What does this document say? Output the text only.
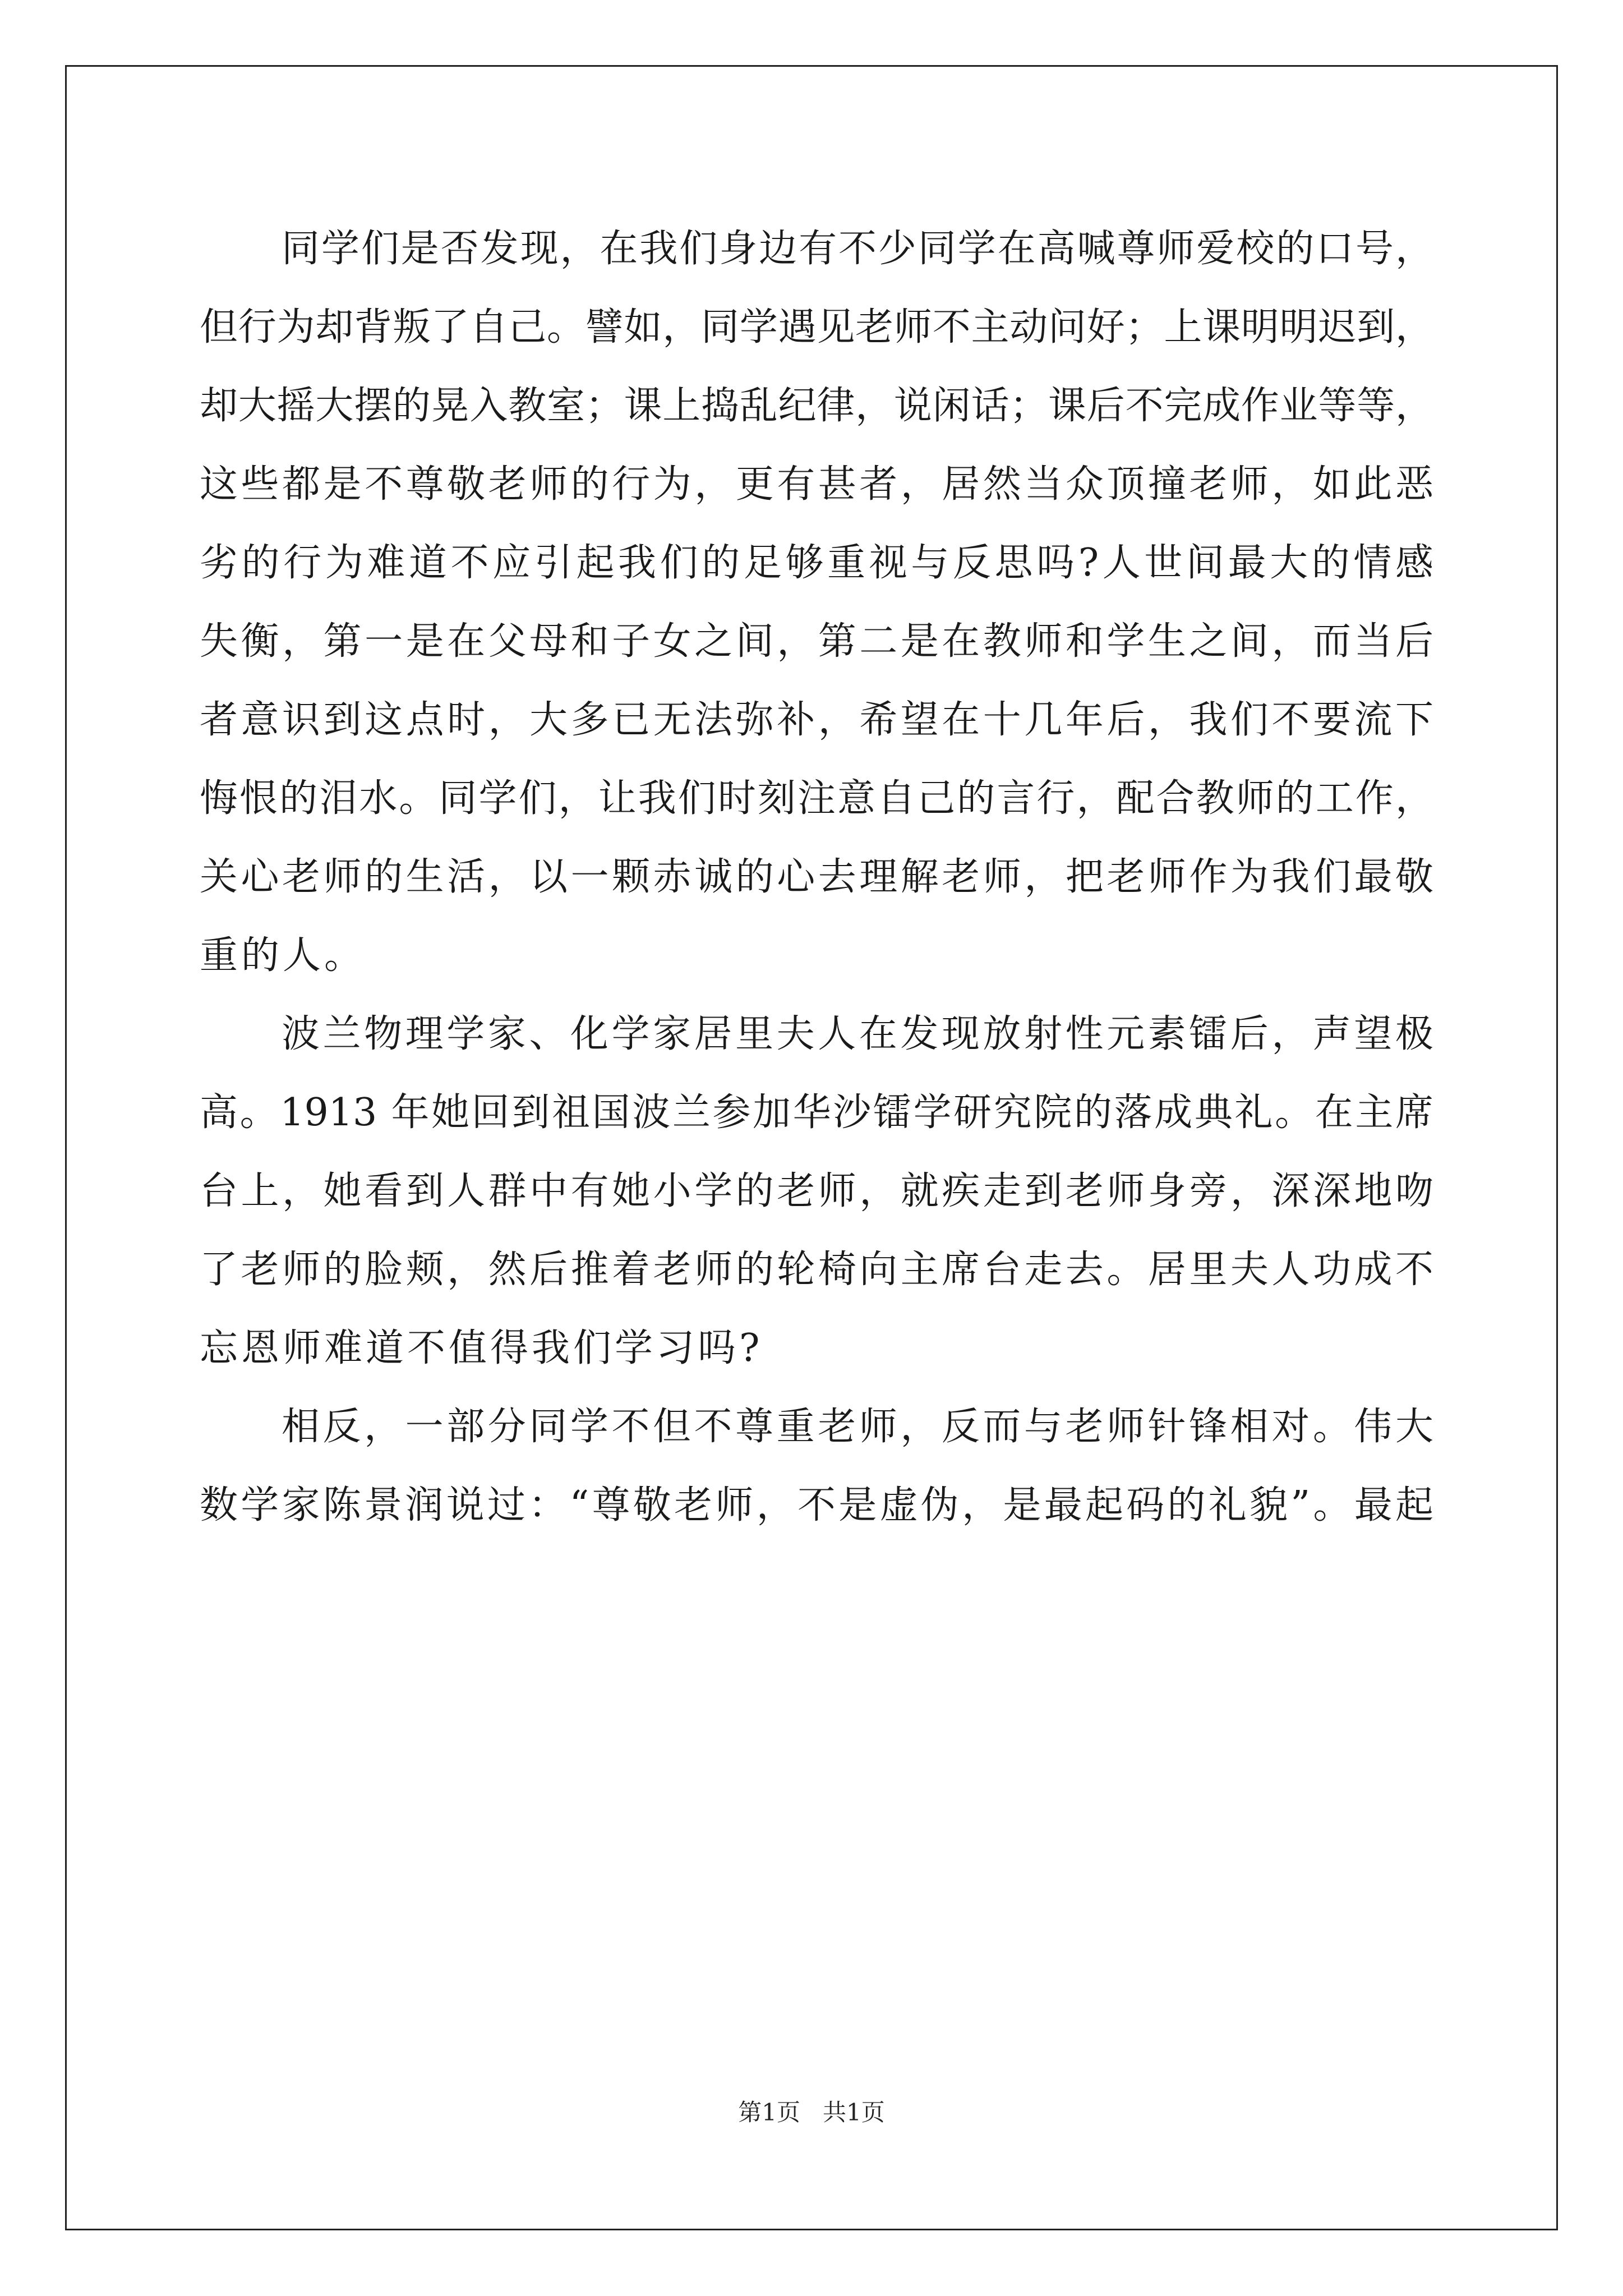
同学们是否发现，在我们身边有不少同学在高喊尊师爱校的口号，
但行为却背叛了自己。譬如，同学遇见老师不主动问好；上课明明迟到，
却大摇大摆的晃入教室；课上捣乱纪律，说闲话；课后不完成作业等等，
这些都是不尊敬老师的行为，更有甚者，居然当众顶撞老师，如此恶
劣的行为难道不应引起我们的足够重视与反思吗?人世间最大的情感
失衡，第一是在父母和子女之间，第二是在教师和学生之间，而当后
者意识到这点时，大多已无法弥补，希望在十几年后，我们不要流下
悔恨的泪水。同学们，让我们时刻注意自己的言行，配合教师的工作，
关心老师的生活，以一颗赤诚的心去理解老师，把老师作为我们最敬
重的人。
波兰物理学家、化学家居里夫人在发现放射性元素镭后，声望极
高。1913 年她回到祖国波兰参加华沙镭学研究院的落成典礼。在主席
台上，她看到人群中有她小学的老师，就疾走到老师身旁，深深地吻
了老师的脸颊，然后推着老师的轮椅向主席台走去。居里夫人功成不
忘恩师难道不值得我们学习吗?
相反，一部分同学不但不尊重老师，反而与老师针锋相对。伟大
数学家陈景润说过：“尊敬老师，不是虚伪，是最起码的礼貌”。最起
第1页   共1页
